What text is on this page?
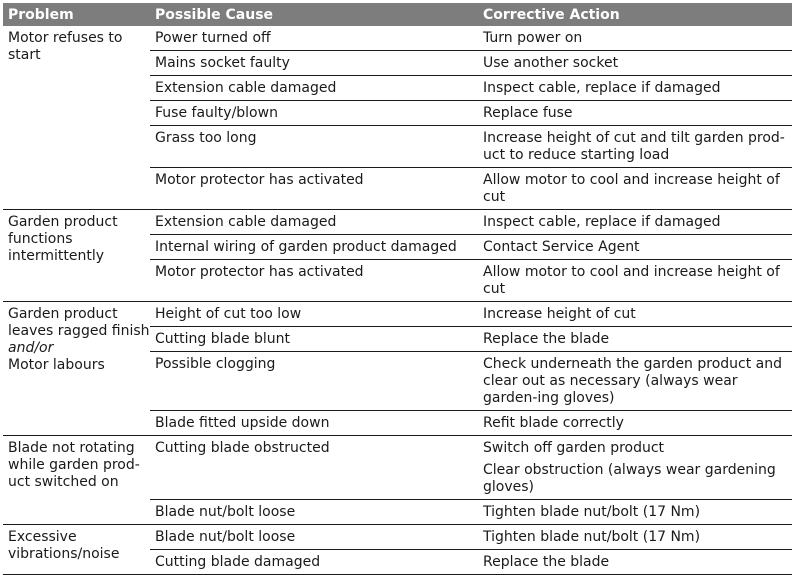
Problem	Possible Cause	Corrective Action
Motor refuses to start
Power turned off	Turn power on

Mains socket faulty	Use another socket

Extension cable damaged	Inspect cable, replace if damaged

Fuse faulty/blown	Replace fuse

Grass too long	Increase height of cut and tilt garden prod-uct to reduce starting load

Motor protector has activated	Allow motor to cool and increase height of cut

Garden product functions intermittently
Extension cable damaged	Inspect cable, replace if damaged

Internal wiring of garden product damaged	Contact Service Agent

Motor protector has activated	Allow motor to cool and increase height of cut

Garden product leaves ragged finish
and/or
Motor labours
Height of cut too low	Increase height of cut

Cutting blade blunt	Replace the blade

Possible clogging	Check underneath the garden product and clear out as necessary (always wear garden-ing gloves)

Blade fitted upside down	Refit blade correctly

Blade not rotating while garden prod-uct switched on
Cutting blade obstructed	Switch off garden product

Clear obstruction (always wear gardening gloves)

Blade nut/bolt loose	Tighten blade nut/bolt (17 Nm)

Excessive vibrations/noise
Blade nut/bolt loose	Tighten blade nut/bolt (17 Nm)

Cutting blade damaged	Replace the blade
